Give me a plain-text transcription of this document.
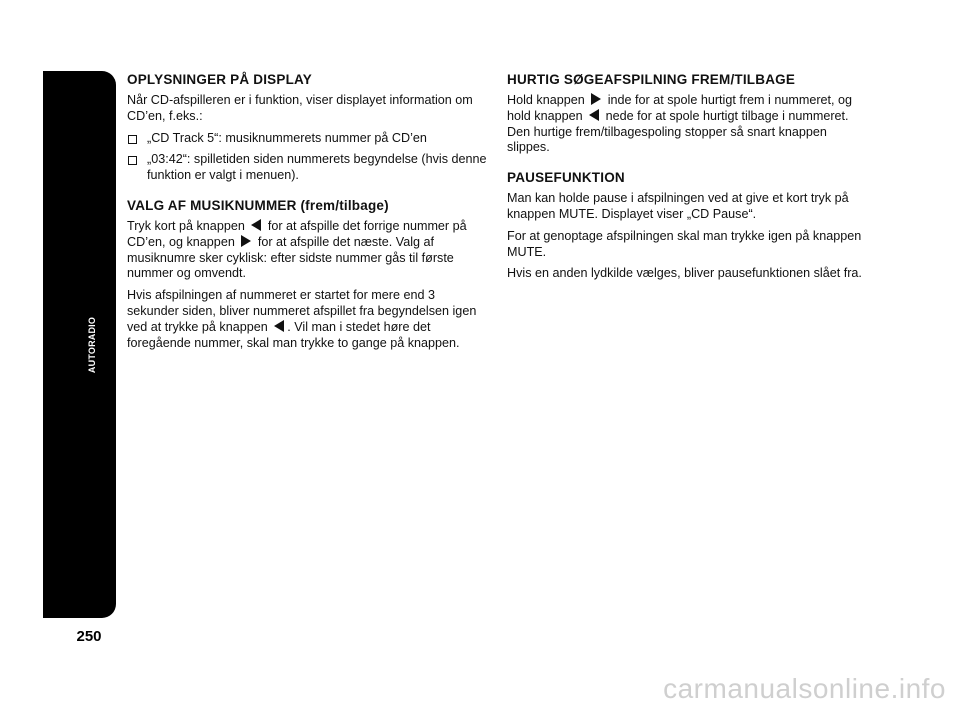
AUTORADIO
250
OPLYSNINGER PÅ DISPLAY

Når CD-afspilleren er i funktion, viser displayet information om CD’en, f.eks.:

„CD Track 5“: musiknummerets nummer på CD’en
„03:42“: spilletiden siden nummerets begyndelse (hvis denne funktion er valgt i menuen).
VALG AF MUSIKNUMMER (frem/tilbage)

Tryk kort på knappen for at afspille det forrige nummer på CD’en, og knappen for at afspille det næste. Valg af musiknumre sker cyklisk: efter sidste nummer gås til første nummer og omvendt.

Hvis afspilningen af nummeret er startet for mere end 3 sekunder siden, bliver nummeret afspillet fra begyndelsen igen ved at trykke på knappen . Vil man i stedet høre det foregående nummer, skal man trykke to gange på knappen.

HURTIG SØGEAFSPILNING FREM/TILBAGE

Hold knappen inde for at spole hurtigt frem i nummeret, og hold knappen nede for at spole hurtigt tilbage i nummeret. Den hurtige frem/tilbagespoling stopper så snart knappen slippes.

PAUSEFUNKTION

Man kan holde pause i afspilningen ved at give et kort tryk på knappen MUTE. Displayet viser „CD Pause“.

For at genoptage afspilningen skal man trykke igen på knappen MUTE.

Hvis en anden lydkilde vælges, bliver pausefunktionen slået fra.

carmanualsonline.info
